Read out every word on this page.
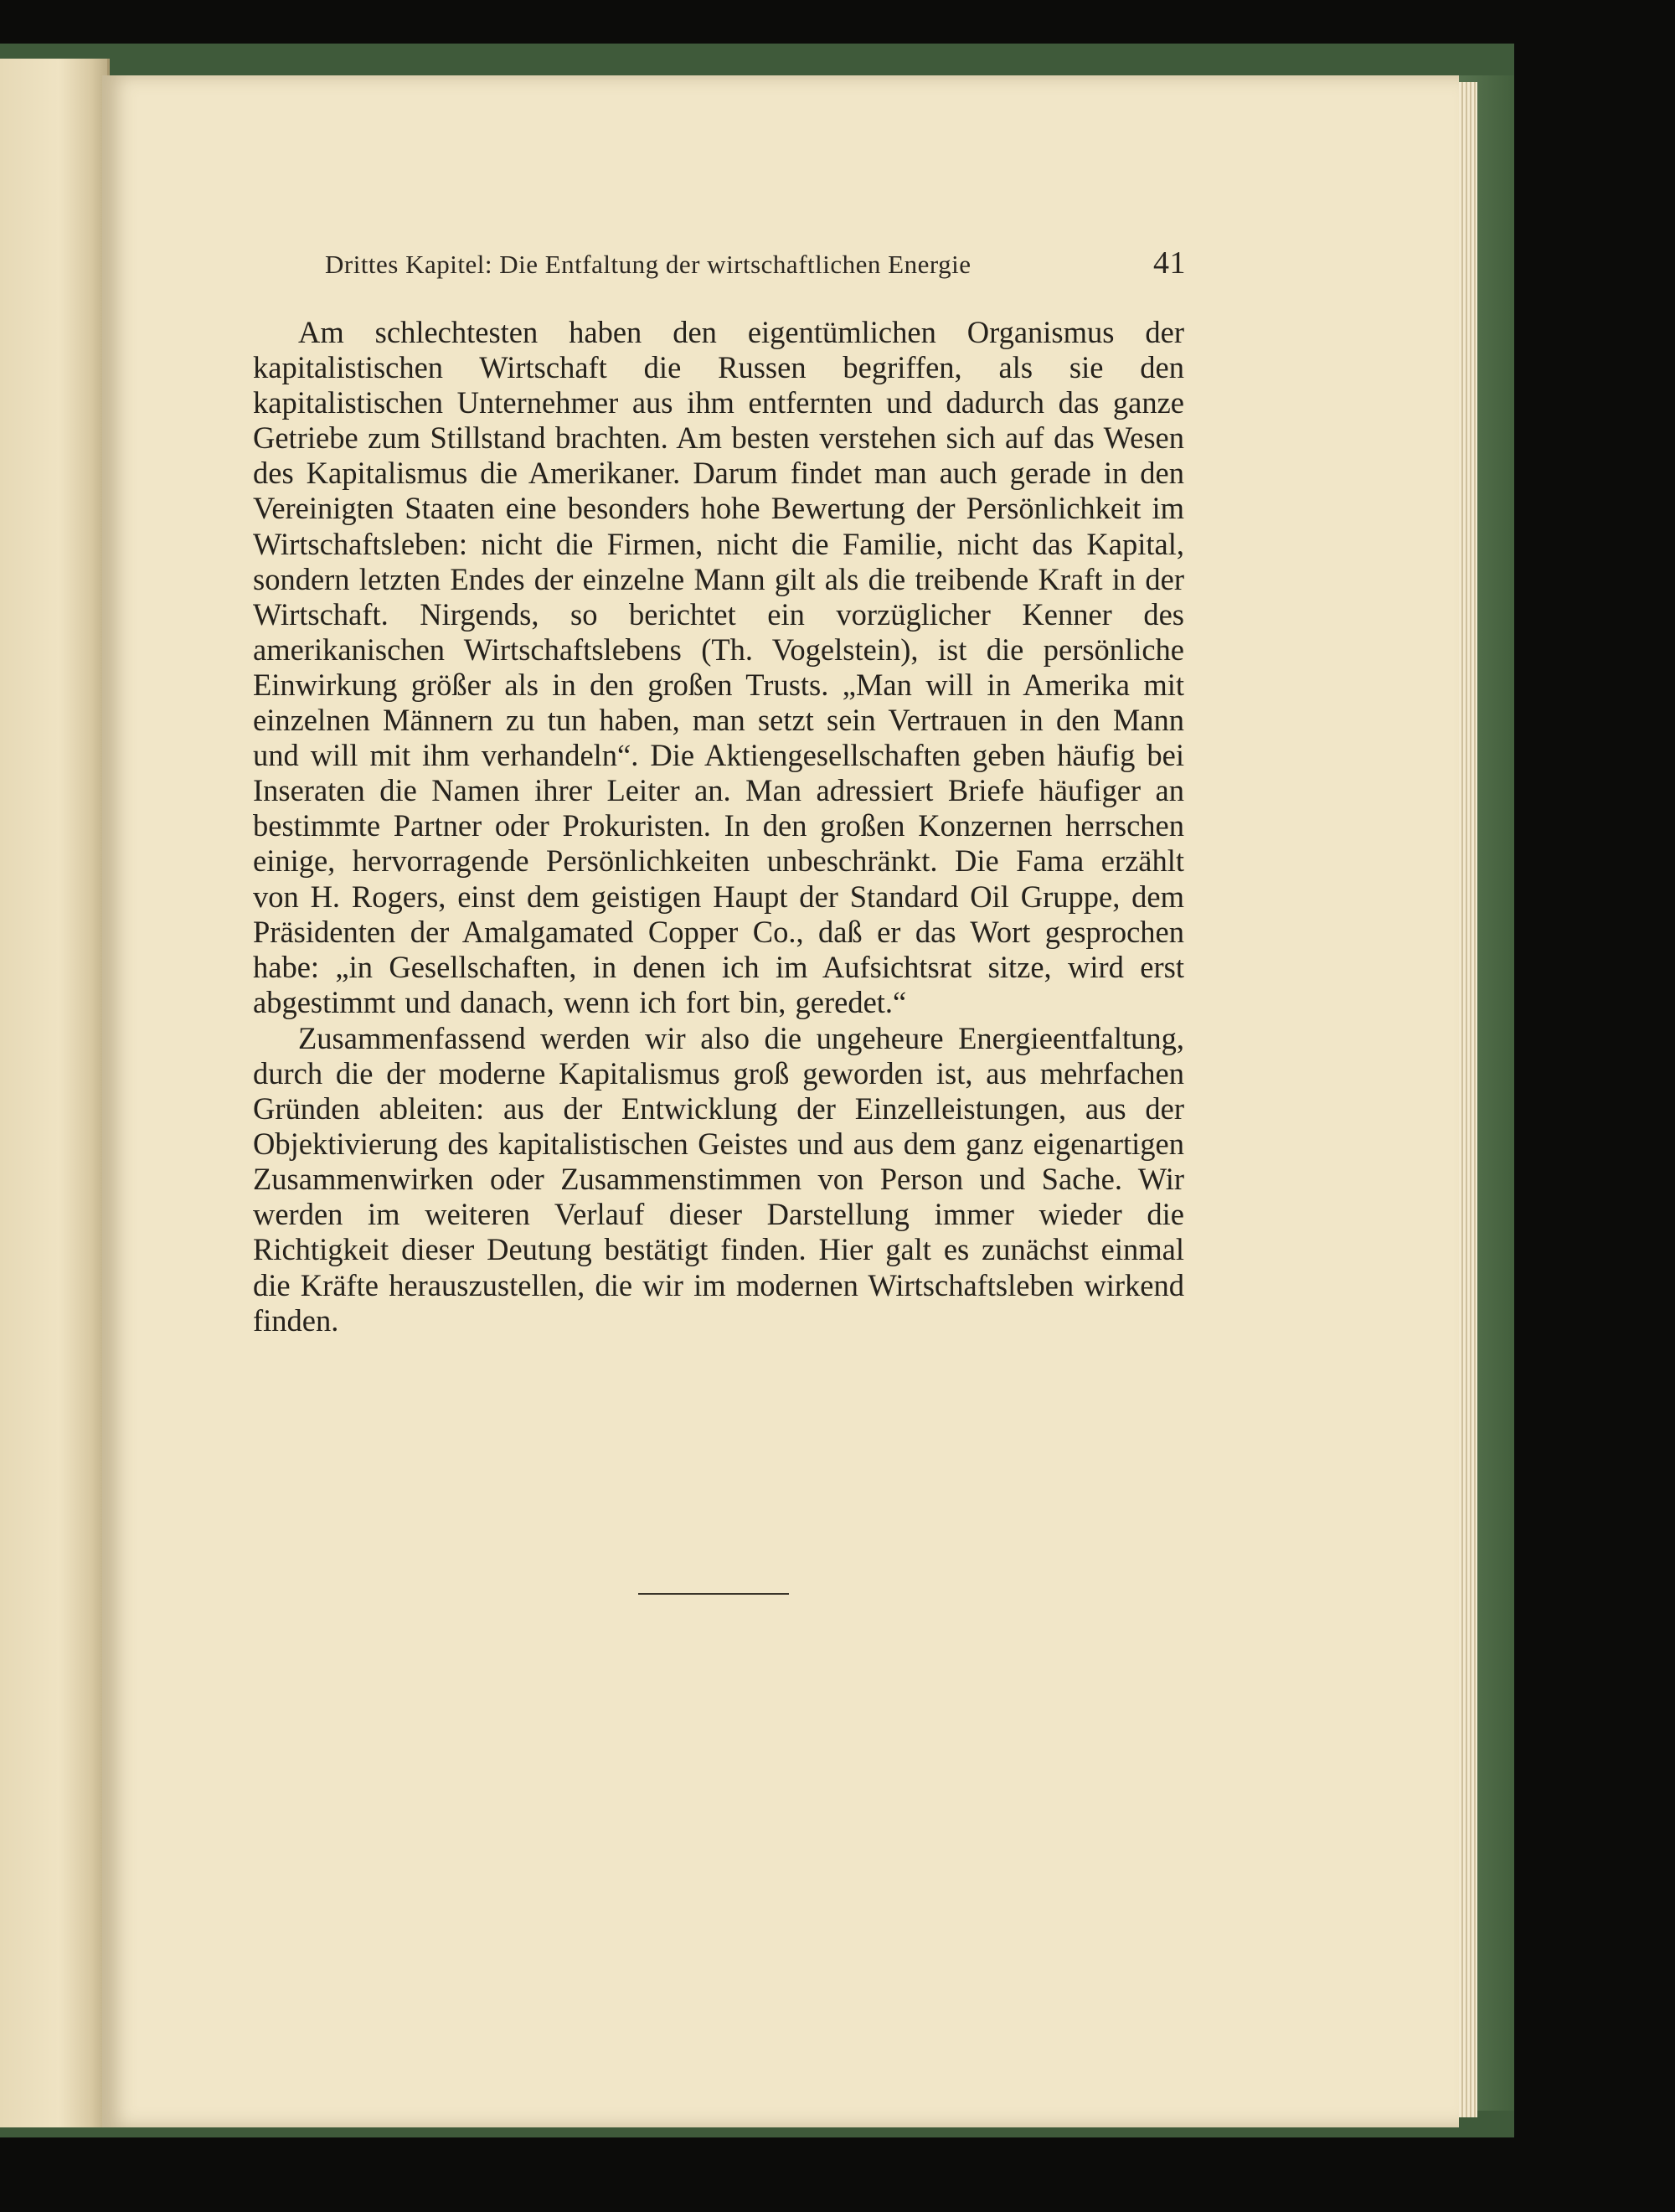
Drittes Kapitel: Die Entfaltung der wirtschaftlichen Energie	41

Am schlechtesten haben den eigentümlichen Organismus der kapitalistischen Wirtschaft die Russen begriffen, als sie den kapitalistischen Unternehmer aus ihm entfernten und dadurch das ganze Getriebe zum Stillstand brachten. Am besten verstehen sich auf das Wesen des Kapitalismus die Amerikaner. Darum findet man auch gerade in den Vereinigten Staaten eine besonders hohe Bewertung der Persönlichkeit im Wirtschaftsleben: nicht die Firmen, nicht die Familie, nicht das Kapital, sondern letzten Endes der einzelne Mann gilt als die treibende Kraft in der Wirtschaft. Nirgends, so berichtet ein vorzüglicher Kenner des amerikanischen Wirtschaftslebens (Th. Vogelstein), ist die persönliche Einwirkung größer als in den großen Trusts. „Man will in Amerika mit einzelnen Männern zu tun haben, man setzt sein Vertrauen in den Mann und will mit ihm verhandeln“. Die Aktiengesellschaften geben häufig bei Inseraten die Namen ihrer Leiter an. Man adressiert Briefe häufiger an bestimmte Partner oder Prokuristen. In den großen Konzernen herrschen einige, hervorragende Persönlichkeiten unbeschränkt. Die Fama erzählt von H. Rogers, einst dem geistigen Haupt der Standard Oil Gruppe, dem Präsidenten der Amalgamated Copper Co., daß er das Wort gesprochen habe: „in Gesellschaften, in denen ich im Aufsichtsrat sitze, wird erst abgestimmt und danach, wenn ich fort bin, geredet.“

Zusammenfassend werden wir also die ungeheure Energieentfaltung, durch die der moderne Kapitalismus groß geworden ist, aus mehrfachen Gründen ableiten: aus der Entwicklung der Einzelleistungen, aus der Objektivierung des kapitalistischen Geistes und aus dem ganz eigenartigen Zusammenwirken oder Zusammenstimmen von Person und Sache. Wir werden im weiteren Verlauf dieser Darstellung immer wieder die Richtigkeit dieser Deutung bestätigt finden. Hier galt es zunächst einmal die Kräfte herauszustellen, die wir im modernen Wirtschaftsleben wirkend finden.
